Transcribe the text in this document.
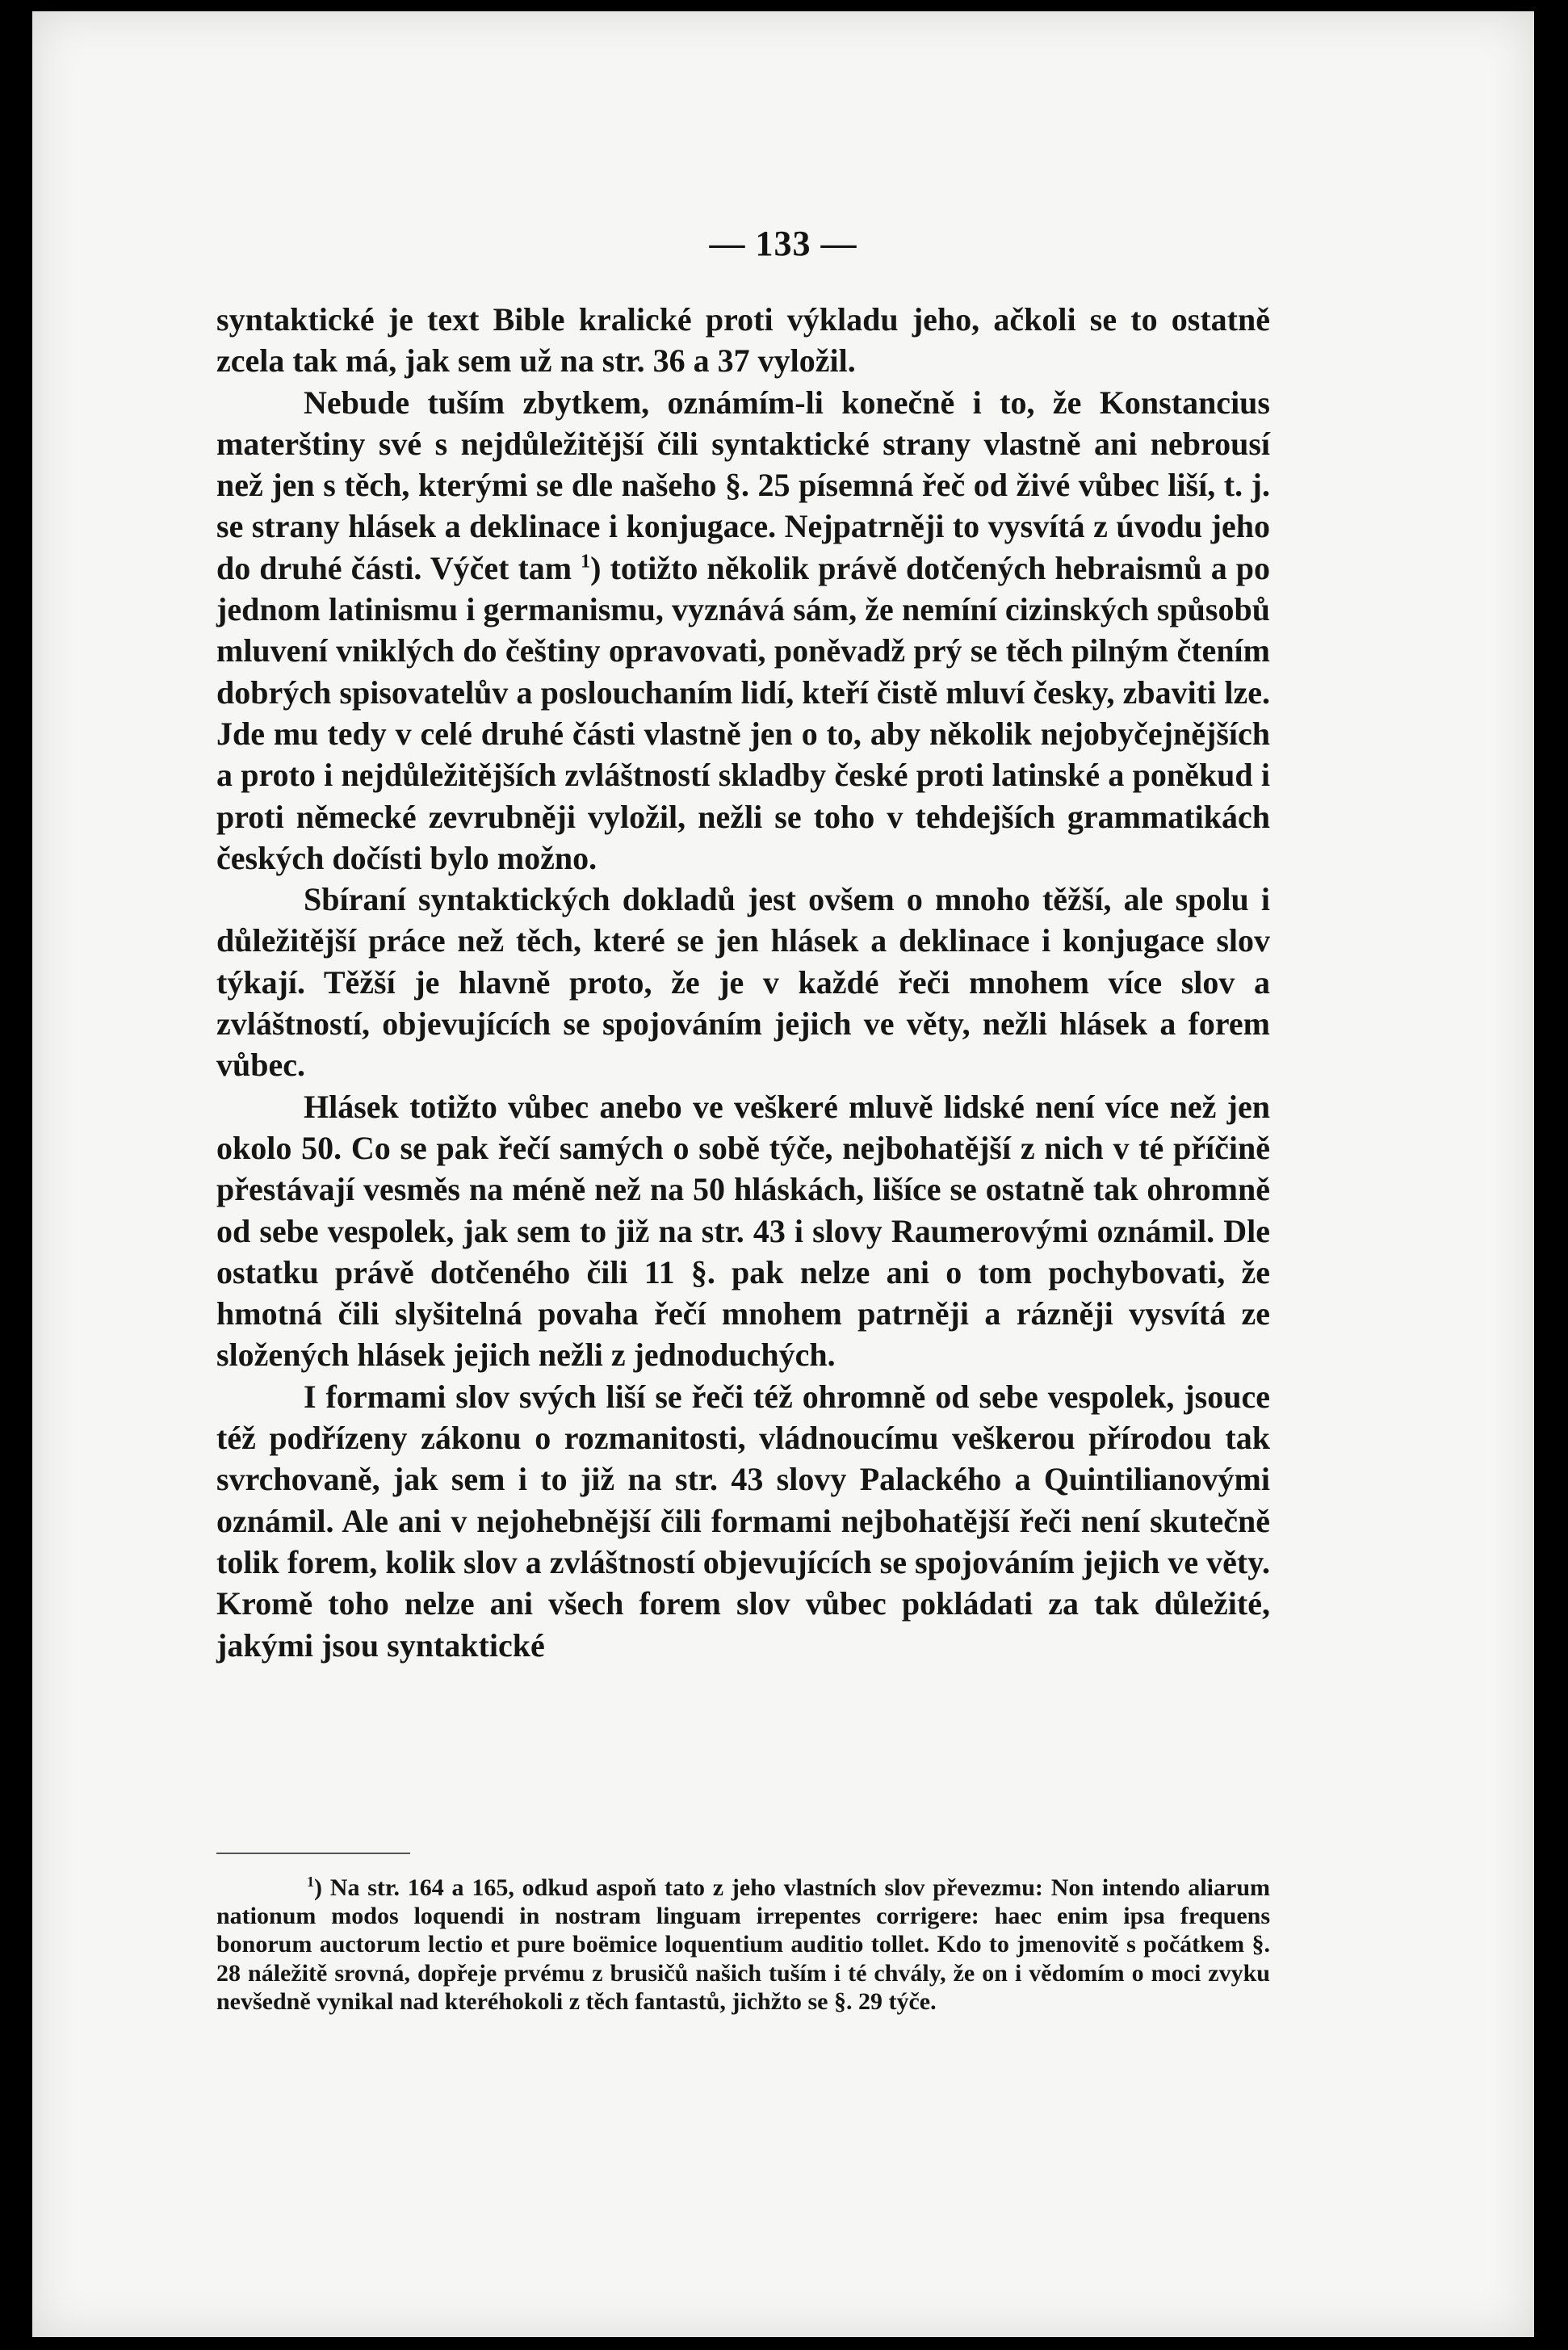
— 133 —

syntaktické je text Bible kralické proti výkladu jeho, ačkoli se to ostatně zcela tak má, jak sem už na str. 36 a 37 vyložil.

Nebude tuším zbytkem, oznámím-li konečně i to, že Konstancius materštiny své s nejdůležitější čili syntaktické strany vlastně ani nebrousí než jen s těch, kterými se dle našeho §. 25 písemná řeč od živé vůbec liší, t. j. se strany hlásek a deklinace i konjugace. Nejpatrněji to vysvítá z úvodu jeho do druhé části. Výčet tam $^1$) totižto několik právě dotčených hebraismů a po jednom latinismu i germanismu, vyznává sám, že nemíní cizinských spůsobů mluvení vniklých do češtiny opravovati, poněvadž prý se těch pilným čtením dobrých spisovatelův a poslouchaním lidí, kteří čistě mluví česky, zbaviti lze. Jde mu tedy v celé druhé části vlastně jen o to, aby několik nejobyčejnějších a proto i nejdůležitějších zvláštností skladby české proti latinské a poněkud i proti německé zevrubněji vyložil, nežli se toho v tehdejších grammatikách českých dočísti bylo možno.

Sbíraní syntaktických dokladů jest ovšem o mnoho těžší, ale spolu i důležitější práce než těch, které se jen hlásek a deklinace i konjugace slov týkají. Těžší je hlavně proto, že je v každé řeči mnohem více slov a zvláštností, objevujících se spojováním jejich ve věty, nežli hlásek a forem vůbec.

Hlásek totižto vůbec anebo ve veškeré mluvě lidské není více než jen okolo 50. Co se pak řečí samých o sobě týče, nejbohatější z nich v té příčině přestávají vesměs na méně než na 50 hláskách, lišíce se ostatně tak ohromně od sebe vespolek, jak sem to již na str. 43 i slovy Raumerovými oznámil. Dle ostatku právě dotčeného čili 11 §. pak nelze ani o tom pochybovati, že hmotná čili slyšitelná povaha řečí mnohem patrněji a rázněji vysvítá ze složených hlásek jejich nežli z jednoduchých.

I formami slov svých liší se řeči též ohromně od sebe vespolek, jsouce též podřízeny zákonu o rozmanitosti, vládnoucímu veškerou přírodou tak svrchovaně, jak sem i to již na str. 43 slovy Palackého a Quintilianovými oznámil. Ale ani v nejohebnější čili formami nejbohatější řeči není skutečně tolik forem, kolik slov a zvláštností objevujících se spojováním jejich ve věty. Kromě toho nelze ani všech forem slov vůbec pokládati za tak důležité, jakými jsou syntaktické

$^1$) Na str. 164 a 165, odkud aspoň tato z jeho vlastních slov převezmu: Non intendo aliarum nationum modos loquendi in nostram linguam irrepentes corrigere: haec enim ipsa frequens bonorum auctorum lectio et pure boëmice loquentium auditio tollet. Kdo to jmenovitě s počátkem §. 28 náležitě srovná, dopřeje prvému z brusičů našich tuším i té chvály, že on i vědomím o moci zvyku nevšedně vynikal nad kteréhokoli z těch fantastů, jichžto se §. 29 týče.
